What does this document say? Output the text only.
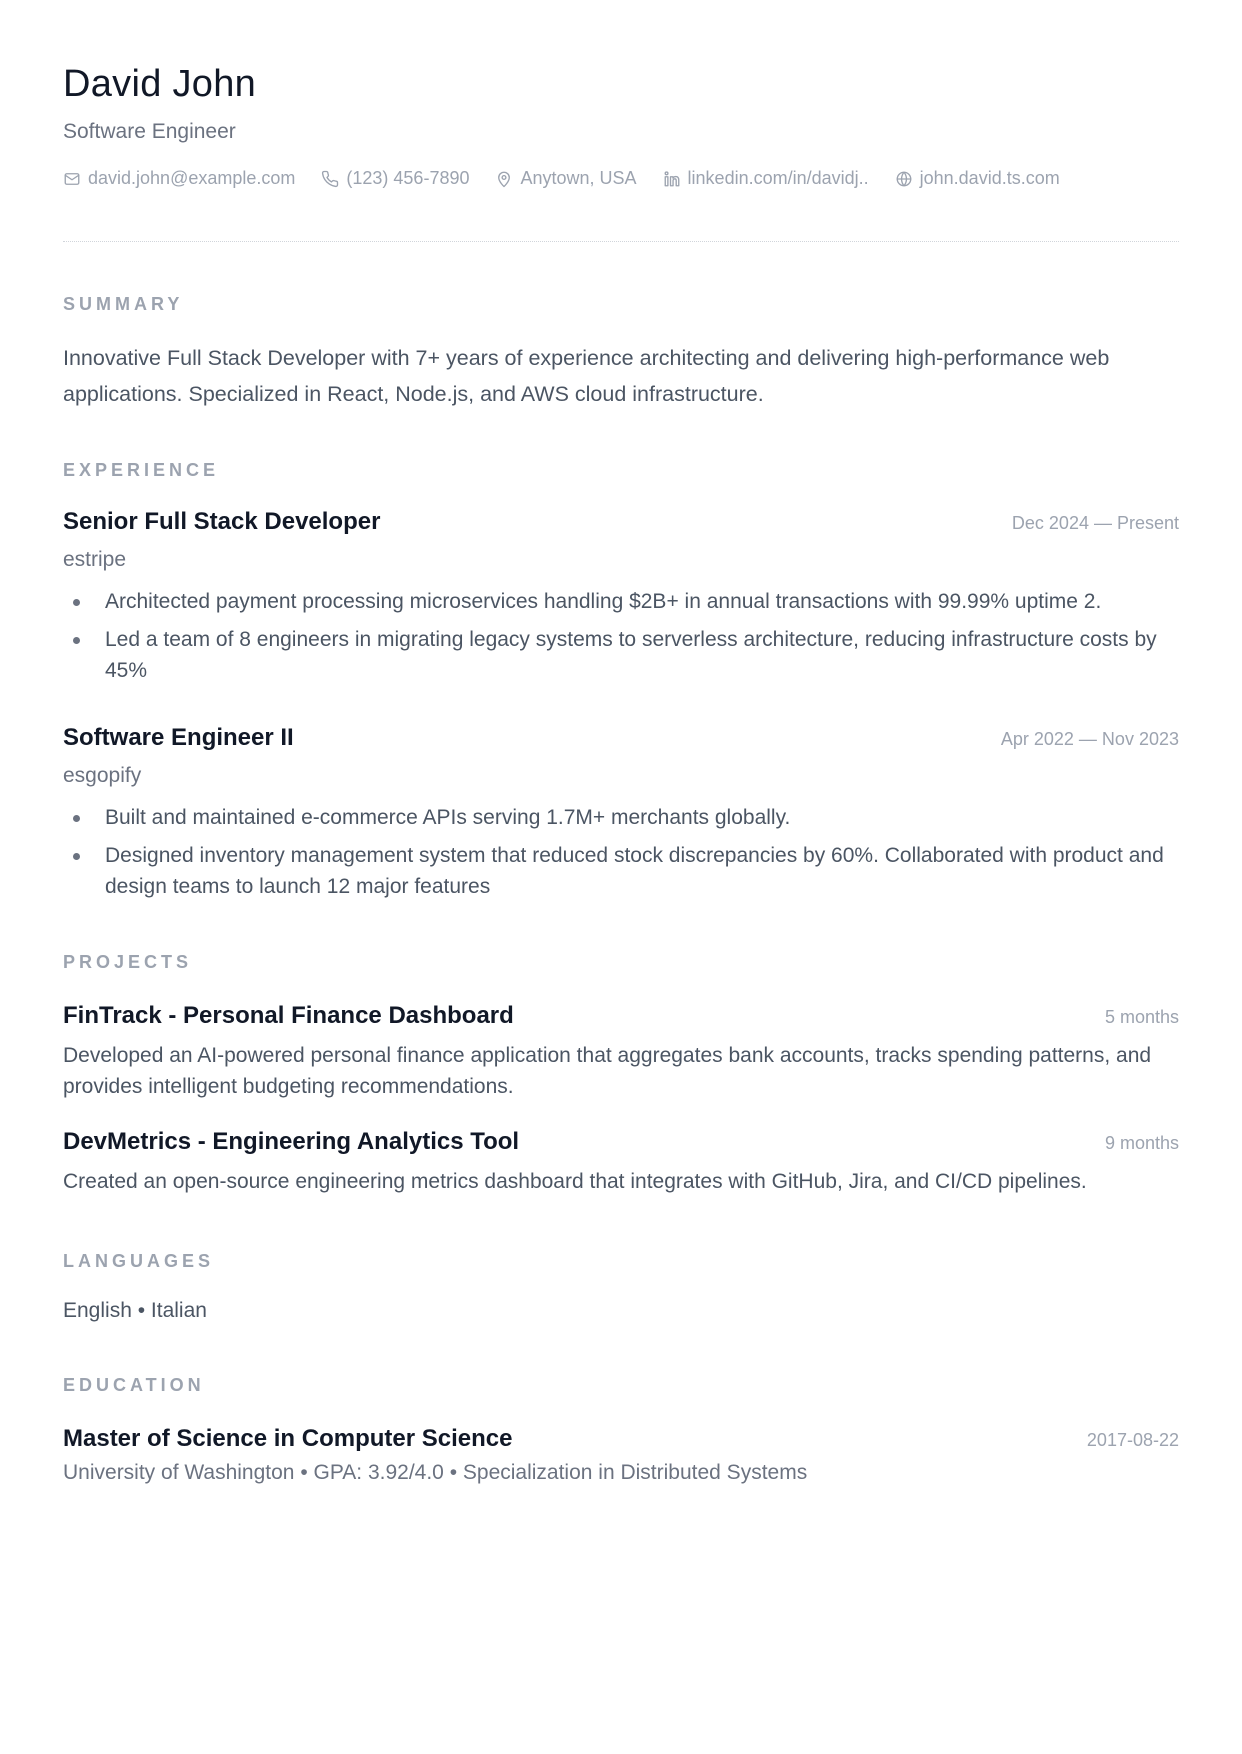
David John
Software Engineer
david.john@example.com	(123) 456-7890	Anytown, USA	linkedin.com/in/davidj..	john.david.ts.com
SUMMARY
Innovative Full Stack Developer with 7+ years of experience architecting and delivering high-performance web applications. Specialized in React, Node.js, and AWS cloud infrastructure.
EXPERIENCE
Senior Full Stack Developer	Dec 2024 — Present
estripe
Architected payment processing microservices handling $2B+ in annual transactions with 99.99% uptime 2.
Led a team of 8 engineers in migrating legacy systems to serverless architecture, reducing infrastructure costs by 45%
Software Engineer II	Apr 2022 — Nov 2023
esgopify
Built and maintained e-commerce APIs serving 1.7M+ merchants globally.
Designed inventory management system that reduced stock discrepancies by 60%. Collaborated with product and design teams to launch 12 major features
PROJECTS
FinTrack - Personal Finance Dashboard	5 months
Developed an AI-powered personal finance application that aggregates bank accounts, tracks spending patterns, and provides intelligent budgeting recommendations.
DevMetrics - Engineering Analytics Tool	9 months
Created an open-source engineering metrics dashboard that integrates with GitHub, Jira, and CI/CD pipelines.
LANGUAGES
English • Italian
EDUCATION
Master of Science in Computer Science	2017-08-22
University of Washington • GPA: 3.92/4.0 • Specialization in Distributed Systems
